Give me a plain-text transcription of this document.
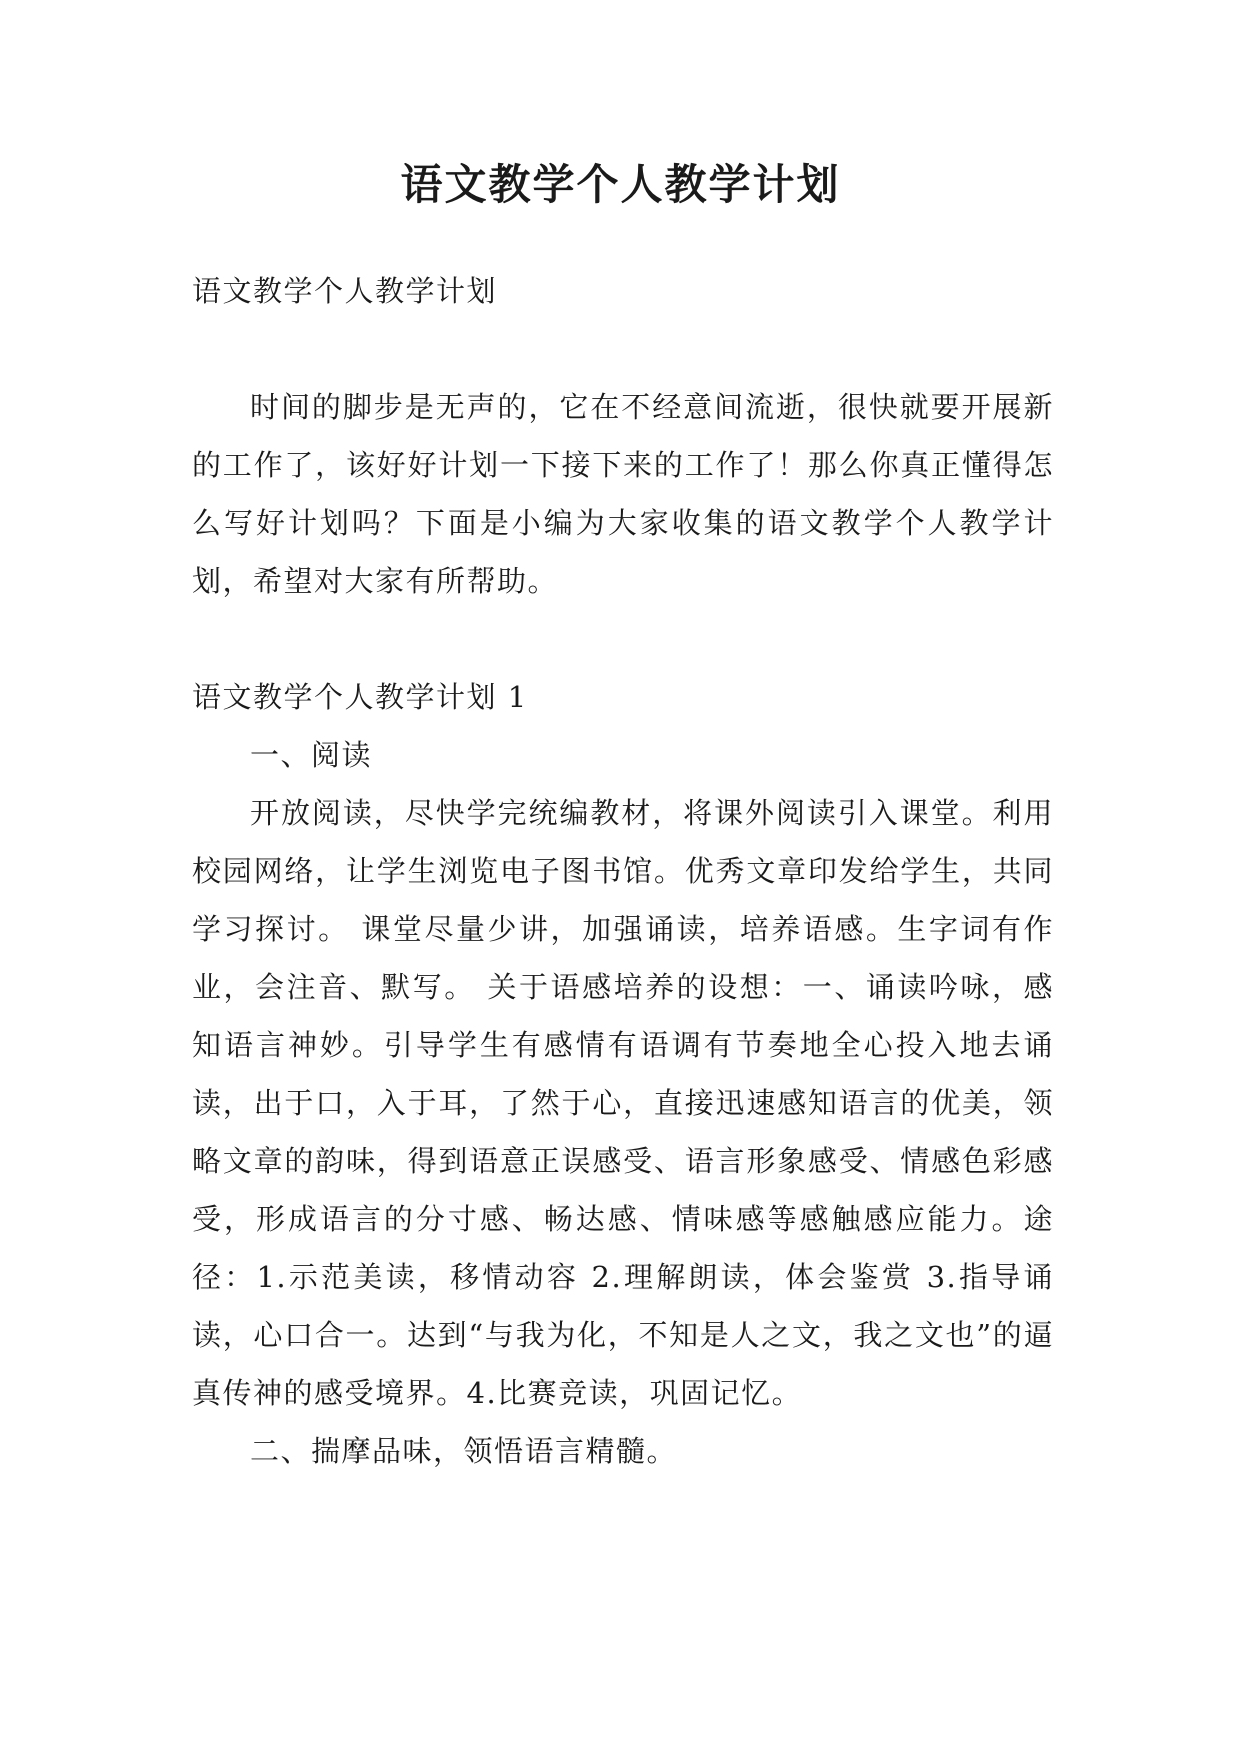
语文教学个人教学计划

语文教学个人教学计划

时间的脚步是无声的，它在不经意间流逝，很快就要开展新的工作了，该好好计划一下接下来的工作了！那么你真正懂得怎么写好计划吗？下面是小编为大家收集的语文教学个人教学计划，希望对大家有所帮助。

语文教学个人教学计划 1

一、阅读

开放阅读，尽快学完统编教材，将课外阅读引入课堂。利用校园网络，让学生浏览电子图书馆。优秀文章印发给学生，共同学习探讨。 课堂尽量少讲，加强诵读，培养语感。生字词有作业，会注音、默写。 关于语感培养的设想：一、诵读吟咏，感知语言神妙。引导学生有感情有语调有节奏地全心投入地去诵读，出于口，入于耳，了然于心，直接迅速感知语言的优美，领略文章的韵味，得到语意正误感受、语言形象感受、情感色彩感受，形成语言的分寸感、畅达感、情味感等感触感应能力。途径：1.示范美读，移情动容 2.理解朗读，体会鉴赏 3.指导诵读，心口合一。达到“与我为化，不知是人之文，我之文也”的逼真传神的感受境界。4.比赛竞读，巩固记忆。

二、揣摩品味，领悟语言精髓。
